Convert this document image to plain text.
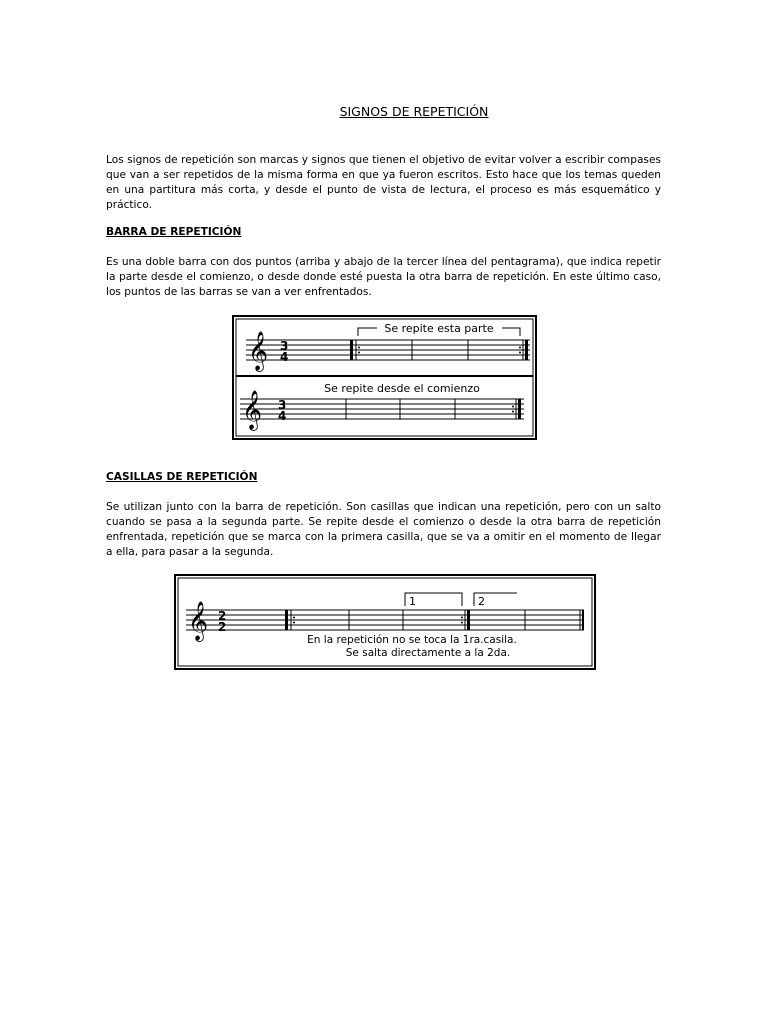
SIGNOS DE REPETICIÓN

Los signos de repetición son marcas y signos que tienen el objetivo de evitar volver a escribir compases que van a ser repetidos de la misma forma en que ya fueron escritos. Esto hace que los temas queden en una partitura más corta, y desde el punto de vista de lectura, el proceso es más esquemático y práctico.

BARRA DE REPETICIÓN

Es una doble barra con dos puntos (arriba y abajo de la tercer línea del pentagrama), que indica repetir la parte desde el comienzo, o desde donde esté puesta la otra barra de repetición. En este último caso, los puntos de las barras se van a ver enfrentados.

𝄞 3
4
Se repite esta parte
𝄞 3
4
Se repite desde el comienzo
CASILLAS DE REPETICIÓN

Se utilizan junto con la barra de repetición. Son casillas que indican una repetición, pero con un salto cuando se pasa a la segunda parte. Se repite desde el comienzo o desde la otra barra de repetición enfrentada, repetición que se marca con la primera casilla, que se va a omitir en el momento de llegar a ella, para pasar a la segunda.

𝄞 2
2
1	2
En la repetición no se toca la 1ra.casila.
Se salta directamente a la 2da.
